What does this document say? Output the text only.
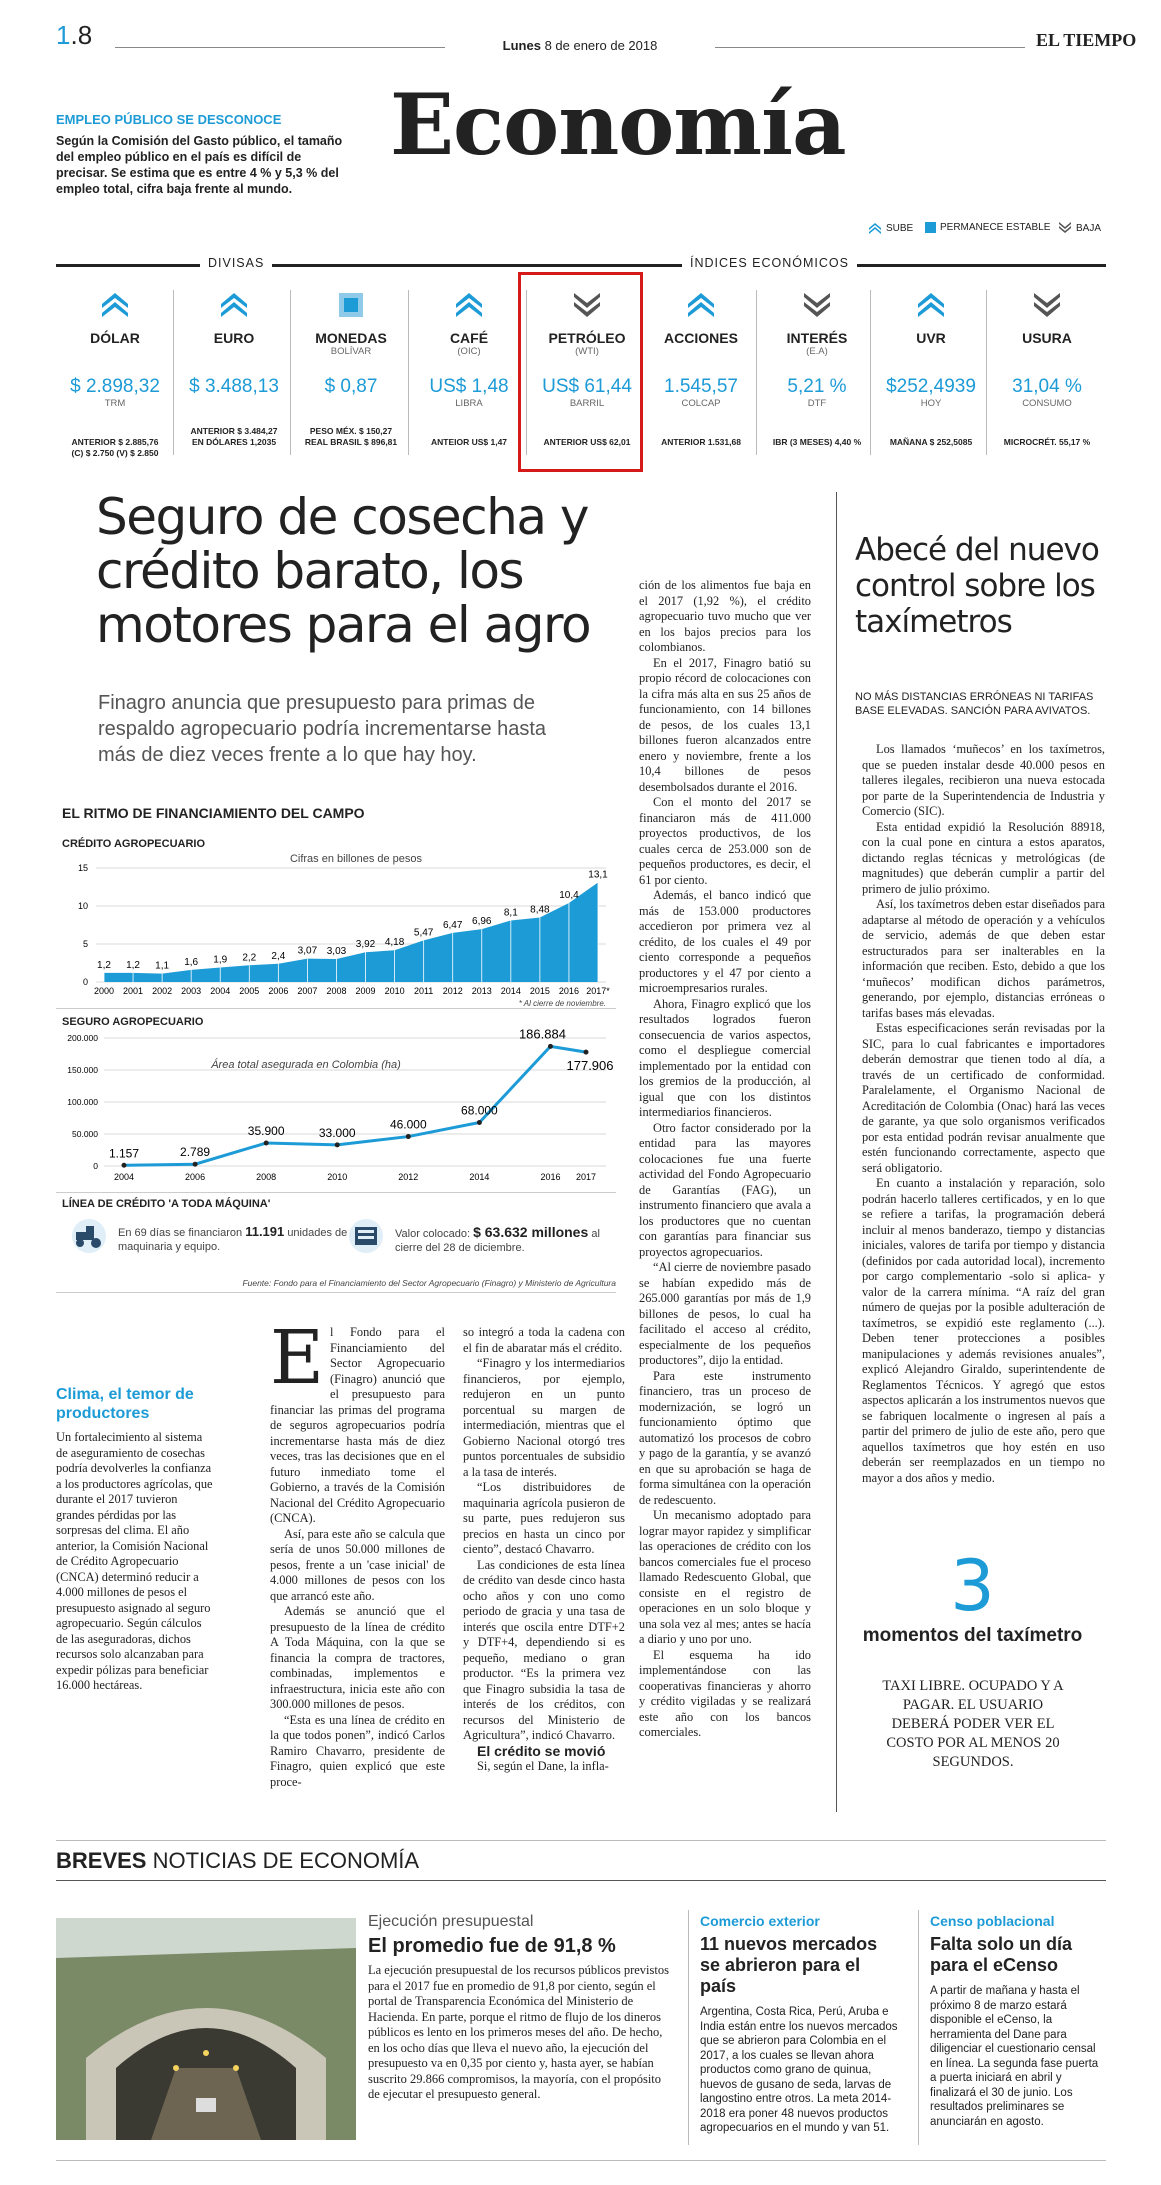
1.8	Lunes 8 de enero de 2018	EL TIEMPO
Economía
EMPLEO PÚBLICO SE DESCONOCE
Según la Comisión del Gasto público, el tamaño del empleo público en el país es difícil de precisar. Se estima que es entre 4 % y 5,3 % del empleo total, cifra baja frente al mundo.
SUBE	PERMANECE ESTABLE	BAJA
DIVISAS	ÍNDICES ECONÓMICOS
DÓLAR
$ 2.898,32
TRM
ANTERIOR $ 2.885,76
(C) $ 2.750 (V) $ 2.850
EURO
$ 3.488,13
ANTERIOR $ 3.484,27
EN DÓLARES 1,2035
MONEDAS
BOLÍVAR
$ 0,87
PESO MÉX. $ 150,27
REAL BRASIL $ 896,81
CAFÉ
(OIC)
US$ 1,48
LIBRA
ANTEIOR US$ 1,47

PETRÓLEO
(WTI)
US$ 61,44
BARRIL
ANTERIOR US$ 62,01

ACCIONES
1.545,57
COLCAP
ANTERIOR 1.531,68

INTERÉS
(E.A)
5,21 %
DTF
IBR (3 MESES) 4,40 %

UVR
$252,4939
HOY
MAÑANA $ 252,5085

USURA
31,04 %
CONSUMO
MICROCRÉT. 55,17 %

Seguro de cosecha y crédito barato, los motores para el agro
Finagro anuncia que presupuesto para primas de respaldo agropecuario podría incrementarse hasta más de diez veces frente a lo que hay hoy.
EL RITMO DE FINANCIAMIENTO DEL CAMPO
CRÉDITO AGROPECUARIO
Cifras en billones de pesos
0
5
10
15
1,2
2000
1,2
2001
1,1
2002
1,6
2003
1,9
2004
2,2
2005
2,4
2006
3,07
2007
3,03
2008
3,92
2009
4,18
2010
5,47
2011
6,47
2012
6,96
2013
8,1
2014
8,48
2015
10,4
2016
13,1
2017*
* Al cierre de noviembre.
SEGURO AGROPECUARIO
Área total asegurada en Colombia (ha)
0
50.000
100.000
150.000
200.000
1.157
2004
2.789
2006
35.900
2008
33.000
2010
46.000
2012
68.000
2014
186.884
2016
177.906
2017
LÍNEA DE CRÉDITO 'A TODA MÁQUINA'
En 69 días se financiaron 11.191 unidades de maquinaria y equipo.
Valor colocado: $ 63.632 millones al cierre del 28 de diciembre.
Fuente: Fondo para el Financiamiento del Sector Agropecuario (Finagro) y Ministerio de Agricultura
Clima, el temor de productores
Un fortalecimiento al sistema de aseguramiento de cosechas podría devolverles la confianza a los productores agrícolas, que durante el 2017 tuvieron grandes pérdidas por las sorpresas del clima. El año anterior, la Comisión Nacional de Crédito Agropecuario (CNCA) determinó reducir a 4.000 millones de pesos el presupuesto asignado al seguro agropecuario. Según cálculos de las aseguradoras, dichos recursos solo alcanzaban para expedir pólizas para beneficiar 16.000 hectáreas.
E l Fondo para el Financiamiento del Sector Agropecuario (Finagro) anunció que el presupuesto para financiar las primas del programa de seguros agropecuarios podría incrementarse hasta más de diez veces, tras las decisiones que en el futuro inmediato tome el Gobierno, a través de la Comisión Nacional del Crédito Agropecuario (CNCA).

Así, para este año se calcula que sería de unos 50.000 millones de pesos, frente a un 'case inicial' de 4.000 millones de pesos con los que arrancó este año.

Además se anunció que el presupuesto de la línea de crédito A Toda Máquina, con la que se financia la compra de tractores, combinadas, implementos e infraestructura, inicia este año con 300.000 millones de pesos.

“Esta es una línea de crédito en la que todos ponen”, indicó Carlos Ramiro Chavarro, presidente de Finagro, quien explicó que este proce-

so integró a toda la cadena con el fin de abaratar más el crédito.

“Finagro y los intermediarios financieros, por ejemplo, redujeron en un punto porcentual su margen de intermediación, mientras que el Gobierno Nacional otorgó tres puntos porcentuales de subsidio a la tasa de interés.

“Los distribuidores de maquinaria agrícola pusieron de su parte, pues redujeron sus precios en hasta un cinco por ciento”, destacó Chavarro.

Las condiciones de esta línea de crédito van desde cinco hasta ocho años y con uno como periodo de gracia y una tasa de interés que oscila entre DTF+2 y DTF+4, dependiendo si es pequeño, mediano o gran productor. “Es la primera vez que Finagro subsidia la tasa de interés de los créditos, con recursos del Ministerio de Agricultura”, indicó Chavarro.

El crédito se movió

Si, según el Dane, la infla-

ción de los alimentos fue baja en el 2017 (1,92 %), el crédito agropecuario tuvo mucho que ver en los bajos precios para los colombianos.

En el 2017, Finagro batió su propio récord de colocaciones con la cifra más alta en sus 25 años de funcionamiento, con 14 billones de pesos, de los cuales 13,1 billones fueron alcanzados entre enero y noviembre, frente a los 10,4 billones de pesos desembolsados durante el 2016.

Con el monto del 2017 se financiaron más de 411.000 proyectos productivos, de los cuales cerca de 253.000 son de pequeños productores, es decir, el 61 por ciento.

Además, el banco indicó que más de 153.000 productores accedieron por primera vez al crédito, de los cuales el 49 por ciento corresponde a pequeños productores y el 47 por ciento a microempresarios rurales.

Ahora, Finagro explicó que los resultados logrados fueron consecuencia de varios aspectos, como el despliegue comercial implementado por la entidad con los gremios de la producción, al igual que con los distintos intermediarios financieros.

Otro factor considerado por la entidad para las mayores colocaciones fue una fuerte actividad del Fondo Agropecuario de Garantías (FAG), un instrumento financiero que avala a los productores que no cuentan con garantías para financiar sus proyectos agropecuarios.

“Al cierre de noviembre pasado se habían expedido más de 265.000 garantías por más de 1,9 billones de pesos, lo cual ha facilitado el acceso al crédito, especialmente de los pequeños productores”, dijo la entidad.

Para este instrumento financiero, tras un proceso de modernización, se logró un funcionamiento óptimo que automatizó los procesos de cobro y pago de la garantía, y se avanzó en que su aprobación se haga de forma simultánea con la operación de redescuento.

Un mecanismo adoptado para lograr mayor rapidez y simplificar las operaciones de crédito con los bancos comerciales fue el proceso llamado Redescuento Global, que consiste en el registro de operaciones en un solo bloque y una sola vez al mes; antes se hacía a diario y uno por uno.

El esquema ha ido implementándose con las cooperativas financieras y ahorro y crédito vigiladas y se realizará este año con los bancos comerciales.

Abecé del nuevo control sobre los taxímetros
NO MÁS DISTANCIAS ERRÓNEAS NI TARIFAS BASE ELEVADAS. SANCIÓN PARA AVIVATOS.

Los llamados ‘muñecos’ en los taxímetros, que se pueden instalar desde 40.000 pesos en talleres ilegales, recibieron una nueva estocada por parte de la Superintendencia de Industria y Comercio (SIC).

Esta entidad expidió la Resolución 88918, con la cual pone en cintura a estos aparatos, dictando reglas técnicas y metrológicas (de magnitudes) que deberán cumplir a partir del primero de julio próximo.

Así, los taxímetros deben estar diseñados para adaptarse al método de operación y a vehículos de servicio, además de que deben estar estructurados para ser inalterables en la información que reciben. Esto, debido a que los ‘muñecos’ modifican dichos parámetros, generando, por ejemplo, distancias erróneas o tarifas bases más elevadas.

Estas especificaciones serán revisadas por la SIC, para lo cual fabricantes e importadores deberán demostrar que tienen todo al día, a través de un certificado de conformidad. Paralelamente, el Organismo Nacional de Acreditación de Colombia (Onac) hará las veces de garante, ya que solo organismos verificados por esta entidad podrán revisar anualmente que estén funcionando correctamente, aspecto que será obligatorio.

En cuanto a instalación y reparación, solo podrán hacerlo talleres certificados, y en lo que se refiere a tarifas, la programación deberá incluir al menos banderazo, tiempo y distancias iniciales, valores de tarifa por tiempo y distancia (definidos por cada autoridad local), incremento por cargo complementario -solo si aplica- y valor de la carrera mínima. “A raíz del gran número de quejas por la posible adulteración de taxímetros, se expidió este reglamento (...). Deben tener protecciones a posibles manipulaciones y además revisiones anuales”, explicó Alejandro Giraldo, superintendente de Reglamentos Técnicos. Y agregó que estos aspectos aplicarán a los instrumentos nuevos que se fabriquen localmente o ingresen al país a partir del primero de julio de este año, pero que aquellos taxímetros que hoy estén en uso deberán ser reemplazados en un tiempo no mayor a dos años y medio.

3
momentos del taxímetro
TAXI LIBRE. OCUPADO Y A PAGAR. EL USUARIO DEBERÁ PODER VER EL COSTO POR AL MENOS 20 SEGUNDOS.
BREVES NOTICIAS DE ECONOMÍA
Ejecución presupuestal
El promedio fue de 91,8 %
La ejecución presupuestal de los recursos públicos previstos para el 2017 fue en promedio de 91,8 por ciento, según el portal de Transparencia Económica del Ministerio de Hacienda. En parte, porque el ritmo de flujo de los dineros públicos es lento en los primeros meses del año. De hecho, en los ocho días que lleva el nuevo año, la ejecución del presupuesto va en 0,35 por ciento y, hasta ayer, se habían suscrito 29.866 compromisos, la mayoría, con el propósito de ejecutar el presupuesto general.
Comercio exterior
11 nuevos mercados se abrieron para el país
Argentina, Costa Rica, Perú, Aruba e India están entre los nuevos mercados que se abrieron para Colombia en el 2017, a los cuales se llevan ahora productos como grano de quinua, huevos de gusano de seda, larvas de langostino entre otros. La meta 2014-2018 era poner 48 nuevos productos agropecuarios en el mundo y van 51.
Censo poblacional
Falta solo un día para el eCenso
A partir de mañana y hasta el próximo 8 de marzo estará disponible el eCenso, la herramienta del Dane para diligenciar el cuestionario censal en línea. La segunda fase puerta a puerta iniciará en abril y finalizará el 30 de junio. Los resultados preliminares se anunciarán en agosto.
